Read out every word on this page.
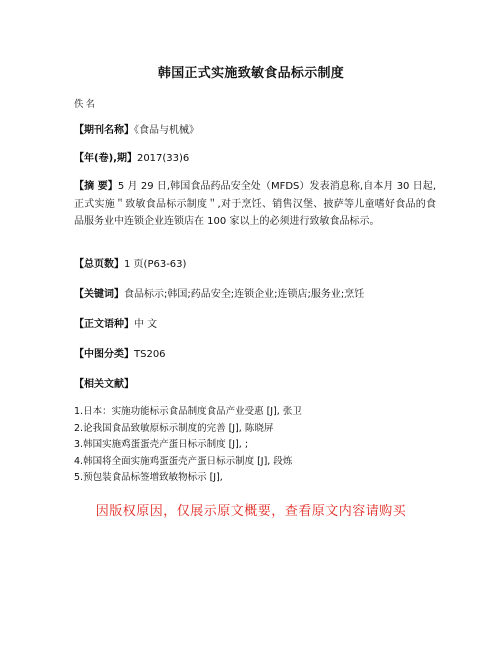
韩国正式实施致敏食品标示制度
佚名
【期刊名称】《食品与机械》
【年(卷),期】2017(33)6
【摘 要】5 月 29 日,韩国食品药品安全处（MFDS）发表消息称,自本月 30 日起,正式实施＂致敏食品标示制度＂,对于烹饪、销售汉堡、披萨等儿童嗜好食品的食品服务业中连锁企业连锁店在 100 家以上的必须进行致敏食品标示。
【总页数】1 页(P63-63)
【关键词】食品标示;韩国;药品安全;连锁企业;连锁店;服务业;烹饪
【正文语种】中 文
【中图分类】TS206
【相关文献】
1.日本：实施功能标示食品制度食品产业受惠 [J], 张卫
2.论我国食品致敏原标示制度的完善 [J], 陈晓屏
3.韩国实施鸡蛋蛋壳产蛋日标示制度 [J], ;
4.韩国将全面实施鸡蛋蛋壳产蛋日标示制度 [J], 段炼
5.预包装食品标签增致敏物标示 [J],
因版权原因，仅展示原文概要，查看原文内容请购买
